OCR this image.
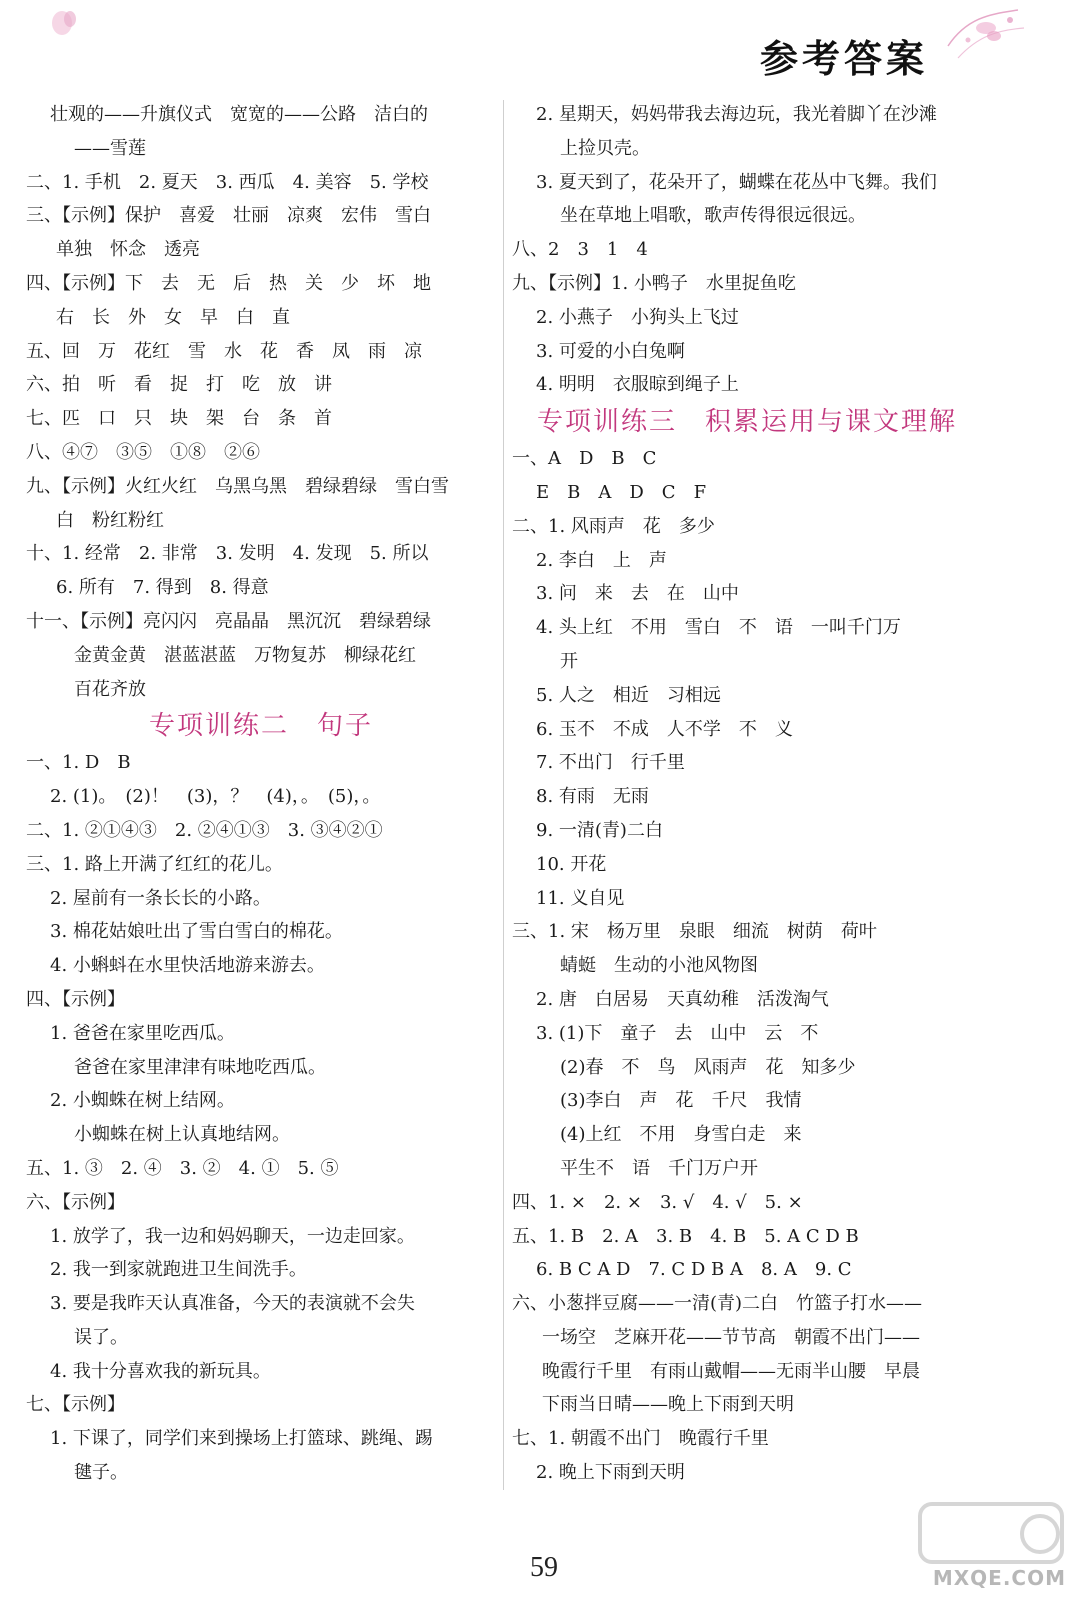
参考答案
壮观的——升旗仪式　宽宽的——公路　洁白的
——雪莲
二、1. 手机　2. 夏天　3. 西瓜　4. 美容　5. 学校
三、【示例】保护　喜爱　壮丽　凉爽　宏伟　雪白
单独　怀念　透亮
四、【示例】下　去　无　后　热　关　少　坏　地
右　长　外　女　早　白　直
五、回　万　花红　雪　水　花　香　凤　雨　凉
六、拍　听　看　捉　打　吃　放　讲
七、匹　口　只　块　架　台　条　首
八、④⑦　③⑤　①⑧　②⑥
九、【示例】火红火红　乌黑乌黑　碧绿碧绿　雪白雪
白　粉红粉红
十、1. 经常　2. 非常　3. 发明　4. 发现　5. 所以
6. 所有　7. 得到　8. 得意
十一、【示例】亮闪闪　亮晶晶　黑沉沉　碧绿碧绿
金黄金黄　湛蓝湛蓝　万物复苏　柳绿花红
百花齐放
专项训练二　句子
一、1. D　B
2. (1)。　(2)！　(3)，？　(4)，。　(5)，。
二、1. ②①④③　2. ②④①③　3. ③④②①
三、1. 路上开满了红红的花儿。
2. 屋前有一条长长的小路。
3. 棉花姑娘吐出了雪白雪白的棉花。
4. 小蝌蚪在水里快活地游来游去。
四、【示例】
1. 爸爸在家里吃西瓜。
爸爸在家里津津有味地吃西瓜。
2. 小蜘蛛在树上结网。
小蜘蛛在树上认真地结网。
五、1. ③　2. ④　3. ②　4. ①　5. ⑤
六、【示例】
1. 放学了，我一边和妈妈聊天，一边走回家。
2. 我一到家就跑进卫生间洗手。
3. 要是我昨天认真准备，今天的表演就不会失
误了。
4. 我十分喜欢我的新玩具。
七、【示例】
1. 下课了，同学们来到操场上打篮球、跳绳、踢
毽子。
2. 星期天，妈妈带我去海边玩，我光着脚丫在沙滩
上捡贝壳。
3. 夏天到了，花朵开了，蝴蝶在花丛中飞舞。我们
坐在草地上唱歌，歌声传得很远很远。
八、2　3　1　4
九、【示例】1. 小鸭子　水里捉鱼吃
2. 小燕子　小狗头上飞过
3. 可爱的小白兔啊
4. 明明　衣服晾到绳子上
专项训练三　积累运用与课文理解
一、A　D　B　C
E　B　A　D　C　F
二、1. 风雨声　花　多少
2. 李白　上　声
3. 问　来　去　在　山中
4. 头上红　不用　雪白　不　语　一叫千门万
开
5. 人之　相近　习相远
6. 玉不　不成　人不学　不　义
7. 不出门　行千里
8. 有雨　无雨
9. 一清(青)二白
10. 开花
11. 义自见
三、1. 宋　杨万里　泉眼　细流　树荫　荷叶
蜻蜓　生动的小池风物图
2. 唐　白居易　天真幼稚　活泼淘气
3. (1)下　童子　去　山中　云　不
(2)春　不　鸟　风雨声　花　知多少
(3)李白　声　花　千尺　我情
(4)上红　不用　身雪白走　来
平生不　语　千门万户开
四、1. ×　2. ×　3. √　4. √　5. ×
五、1. B　2. A　3. B　4. B　5. A C D B
6. B C A D　7. C D B A　8. A　9. C
六、小葱拌豆腐——一清(青)二白　竹篮子打水——
一场空　芝麻开花——节节高　朝霞不出门——
晚霞行千里　有雨山戴帽——无雨半山腰　早晨
下雨当日晴——晚上下雨到天明
七、1. 朝霞不出门　晚霞行千里
2. 晚上下雨到天明
59	MXQE.COM
